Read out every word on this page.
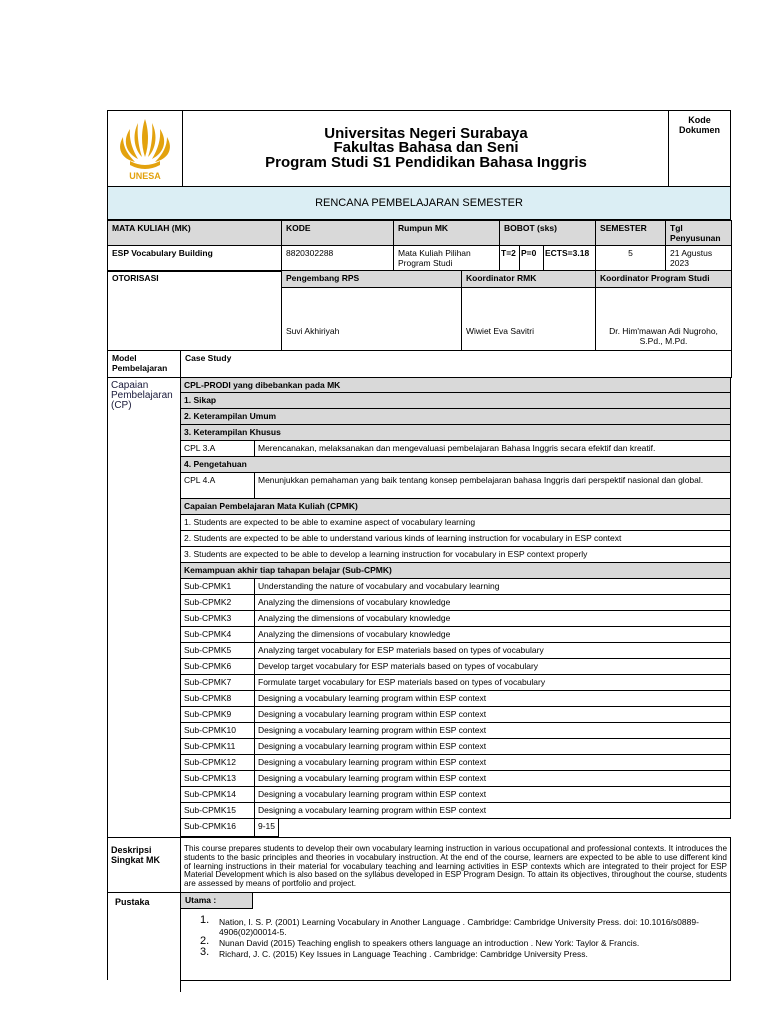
UNESA
Universitas Negeri Surabaya
Fakultas Bahasa dan Seni
Program Studi S1 Pendidikan Bahasa Inggris
Kode Dokumen
RENCANA PEMBELAJARAN SEMESTER
MATA KULIAH (MK)	KODE	Rumpun MK	BOBOT (sks)			SEMESTER	Tgl Penyusunan
ESP Vocabulary Building	8820302288	Mata Kuliah Pilihan Program Studi	T=2	P=0	ECTS=3.18	5	21 Agustus 2023
OTORISASI	Pengembang RPS	Koordinator RMK	Koordinator Program Studi
	Suvi Akhiriyah	Wiwiet Eva Savitri	Dr. Him'mawan Adi Nugroho, S.Pd., M.Pd.
Model Pembelajaran	Case Study
Capaian Pembelajaran (CP)
CPL-PRODI yang dibebankan pada MK
1. Sikap
2. Keterampilan Umum
3. Keterampilan Khusus
CPL 3.A	Merencanakan, melaksanakan dan mengevaluasi pembelajaran Bahasa Inggris secara efektif dan kreatif.
4. Pengetahuan
CPL 4.A	Menunjukkan pemahaman yang baik tentang konsep pembelajaran bahasa Inggris dari perspektif nasional dan global.
Capaian Pembelajaran Mata Kuliah (CPMK)
1. Students are expected to be able to examine aspect of vocabulary learning
2. Students are expected to be able to understand various kinds of learning instruction for vocabulary in ESP context
3. Students are expected to be able to develop a learning instruction for vocabulary in ESP context properly
Kemampuan akhir tiap tahapan belajar (Sub-CPMK)
Sub-CPMK1	Understanding the nature of vocabulary and vocabulary learning
Sub-CPMK2	Analyzing the dimensions of vocabulary knowledge
Sub-CPMK3	Analyzing the dimensions of vocabulary knowledge
Sub-CPMK4	Analyzing the dimensions of vocabulary knowledge
Sub-CPMK5	Analyzing target vocabulary for ESP materials based on types of vocabulary
Sub-CPMK6	Develop target vocabulary for ESP materials based on types of vocabulary
Sub-CPMK7	Formulate target vocabulary for ESP materials based on types of vocabulary
Sub-CPMK8	Designing a vocabulary learning program within ESP context
Sub-CPMK9	Designing a vocabulary learning program within ESP context
Sub-CPMK10	Designing a vocabulary learning program within ESP context
Sub-CPMK11	Designing a vocabulary learning program within ESP context
Sub-CPMK12	Designing a vocabulary learning program within ESP context
Sub-CPMK13	Designing a vocabulary learning program within ESP context
Sub-CPMK14	Designing a vocabulary learning program within ESP context
Sub-CPMK15	Designing a vocabulary learning program within ESP context
Sub-CPMK16	9-15
Deskripsi Singkat MK
This course prepares students to develop their own vocabulary learning instruction in various occupational and professional contexts. It introduces the students to the basic principles and theories in vocabulary instruction. At the end of the course, learners are expected to be able to use different kind of learning instructions in their material for vocabulary teaching and learning activities in ESP contexts which are integrated to their project for ESP Material Development which is also based on the syllabus developed in ESP Program Design. To attain its objectives, throughout the course, students are assessed by means of portfolio and project.
Pustaka	Utama :
1.	Nation, I. S. P. (2001) Learning Vocabulary in Another Language . Cambridge: Cambridge University Press. doi: 10.1016/s0889-4906(02)00014-5.
2.	Nunan David (2015) Teaching english to speakers others language an introduction . New York: Taylor & Francis.
3.	Richard, J. C. (2015) Key Issues in Language Teaching . Cambridge: Cambridge University Press.
